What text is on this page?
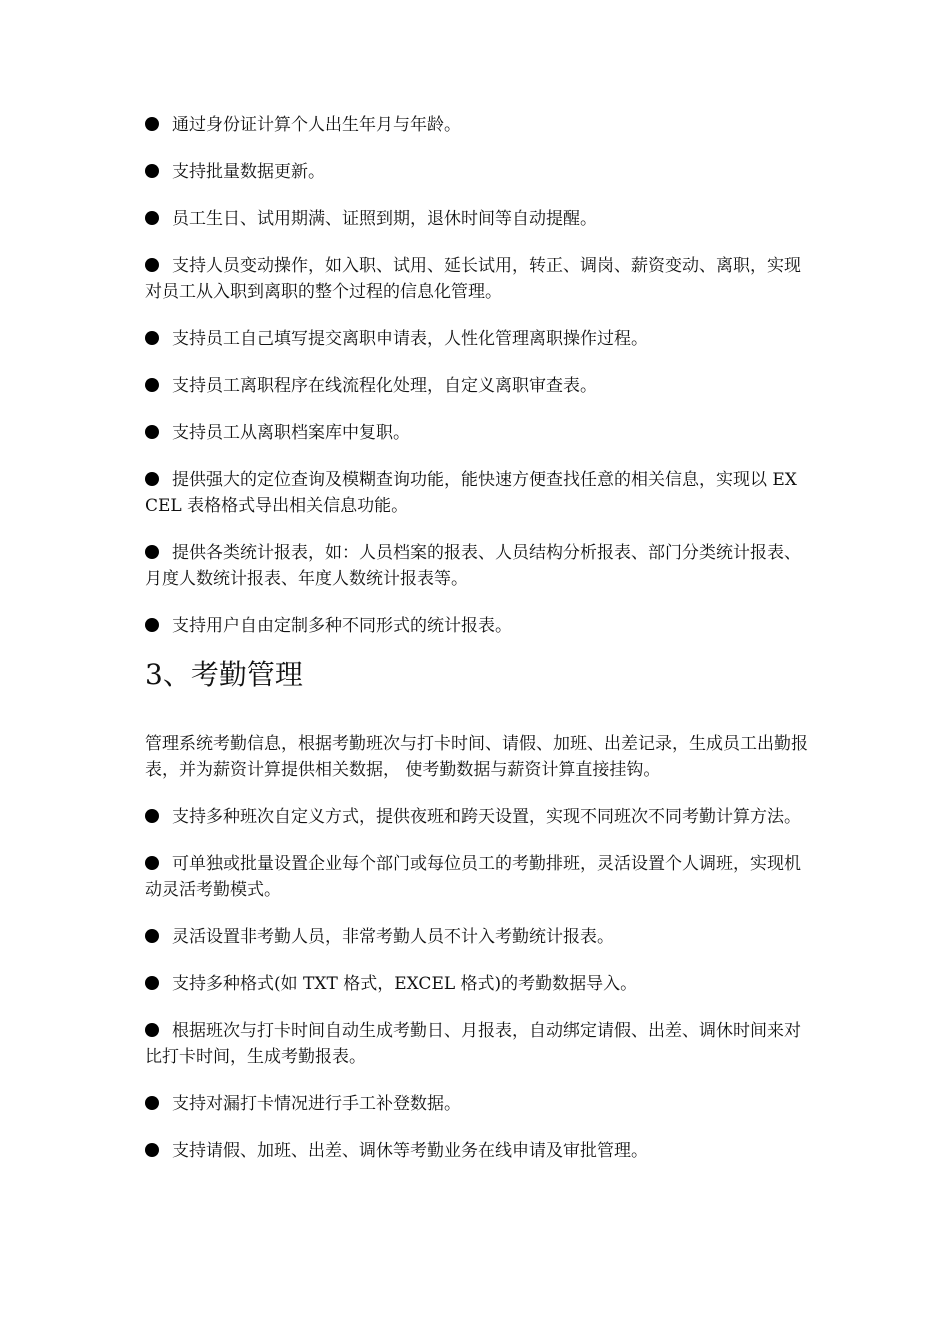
通过身份证计算个人出生年月与年龄。

支持批量数据更新。

员工生日、试用期满、证照到期，退休时间等自动提醒。

支持人员变动操作，如入职、试用、延长试用，转正、调岗、薪资变动、离职，实现对员工从入职到离职的整个过程的信息化管理。

支持员工自己填写提交离职申请表，人性化管理离职操作过程。

支持员工离职程序在线流程化处理，自定义离职审查表。

支持员工从离职档案库中复职。

提供强大的定位查询及模糊查询功能，能快速方便查找任意的相关信息，实现以 EXCEL 表格格式导出相关信息功能。

提供各类统计报表，如：人员档案的报表、人员结构分析报表、部门分类统计报表、月度人数统计报表、年度人数统计报表等。

支持用户自由定制多种不同形式的统计报表。

3、考勤管理

管理系统考勤信息，根据考勤班次与打卡时间、请假、加班、出差记录，生成员工出勤报表，并为薪资计算提供相关数据， 使考勤数据与薪资计算直接挂钩。

支持多种班次自定义方式，提供夜班和跨天设置，实现不同班次不同考勤计算方法。

可单独或批量设置企业每个部门或每位员工的考勤排班，灵活设置个人调班，实现机动灵活考勤模式。

灵活设置非考勤人员，非常考勤人员不计入考勤统计报表。

支持多种格式(如 TXT 格式，EXCEL 格式)的考勤数据导入。

根据班次与打卡时间自动生成考勤日、月报表，自动绑定请假、出差、调休时间来对比打卡时间，生成考勤报表。

支持对漏打卡情况进行手工补登数据。

支持请假、加班、出差、调休等考勤业务在线申请及审批管理。
